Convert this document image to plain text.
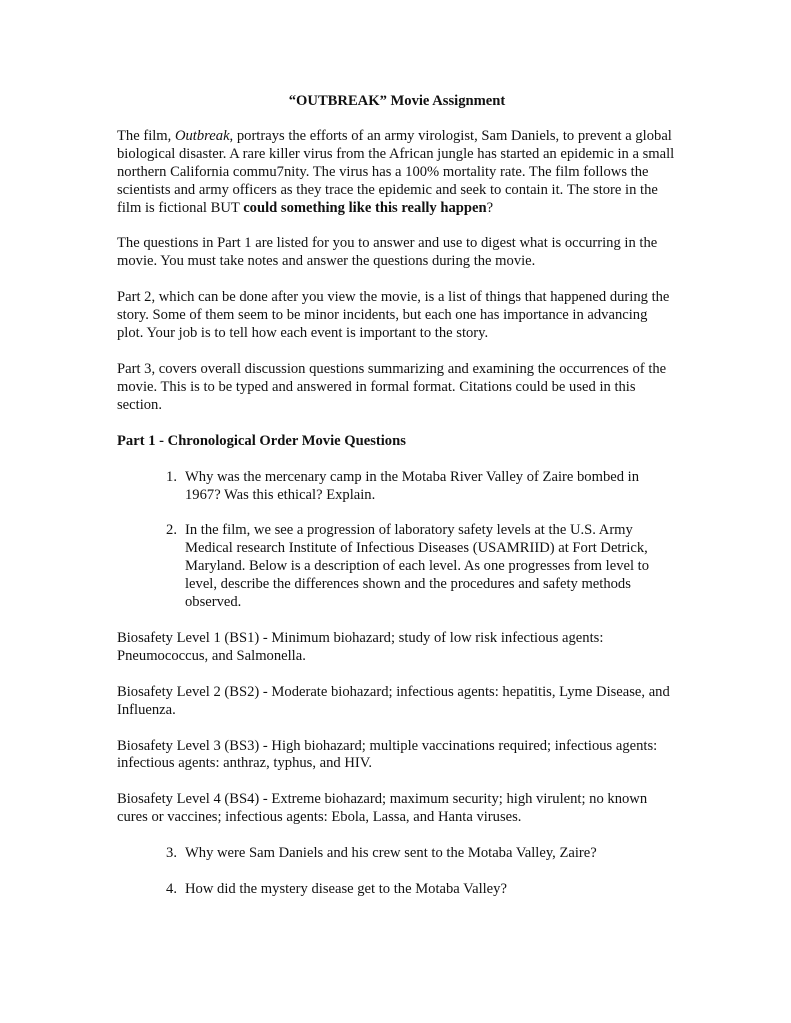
“OUTBREAK” Movie Assignment

The film, Outbreak, portrays the efforts of an army virologist, Sam Daniels, to prevent a global biological disaster. A rare killer virus from the African jungle has started an epidemic in a small northern California commu7nity. The virus has a 100% mortality rate. The film follows the scientists and army officers as they trace the epidemic and seek to contain it. The store in the film is fictional BUT could something like this really happen?

The questions in Part 1 are listed for you to answer and use to digest what is occurring in the movie. You must take notes and answer the questions during the movie.

Part 2, which can be done after you view the movie, is a list of things that happened during the story. Some of them seem to be minor incidents, but each one has importance in advancing plot. Your job is to tell how each event is important to the story.

Part 3, covers overall discussion questions summarizing and examining the occurrences of the movie. This is to be typed and answered in formal format. Citations could be used in this section.

Part 1 - Chronological Order Movie Questions
1. Why was the mercenary camp in the Motaba River Valley of Zaire bombed in 1967? Was this ethical? Explain.
2. In the film, we see a progression of laboratory safety levels at the U.S. Army Medical research Institute of Infectious Diseases (USAMRIID) at Fort Detrick, Maryland. Below is a description of each level. As one progresses from level to level, describe the differences shown and the procedures and safety methods observed.
Biosafety Level 1 (BS1) - Minimum biohazard; study of low risk infectious agents: Pneumococcus, and Salmonella.
Biosafety Level 2 (BS2) - Moderate biohazard; infectious agents: hepatitis, Lyme Disease, and Influenza.
Biosafety Level 3 (BS3) - High biohazard; multiple vaccinations required; infectious agents: infectious agents: anthraz, typhus, and HIV.
Biosafety Level 4 (BS4) - Extreme biohazard; maximum security; high virulent; no known cures or vaccines; infectious agents: Ebola, Lassa, and Hanta viruses.
3. Why were Sam Daniels and his crew sent to the Motaba Valley, Zaire?
4. How did the mystery disease get to the Motaba Valley?
